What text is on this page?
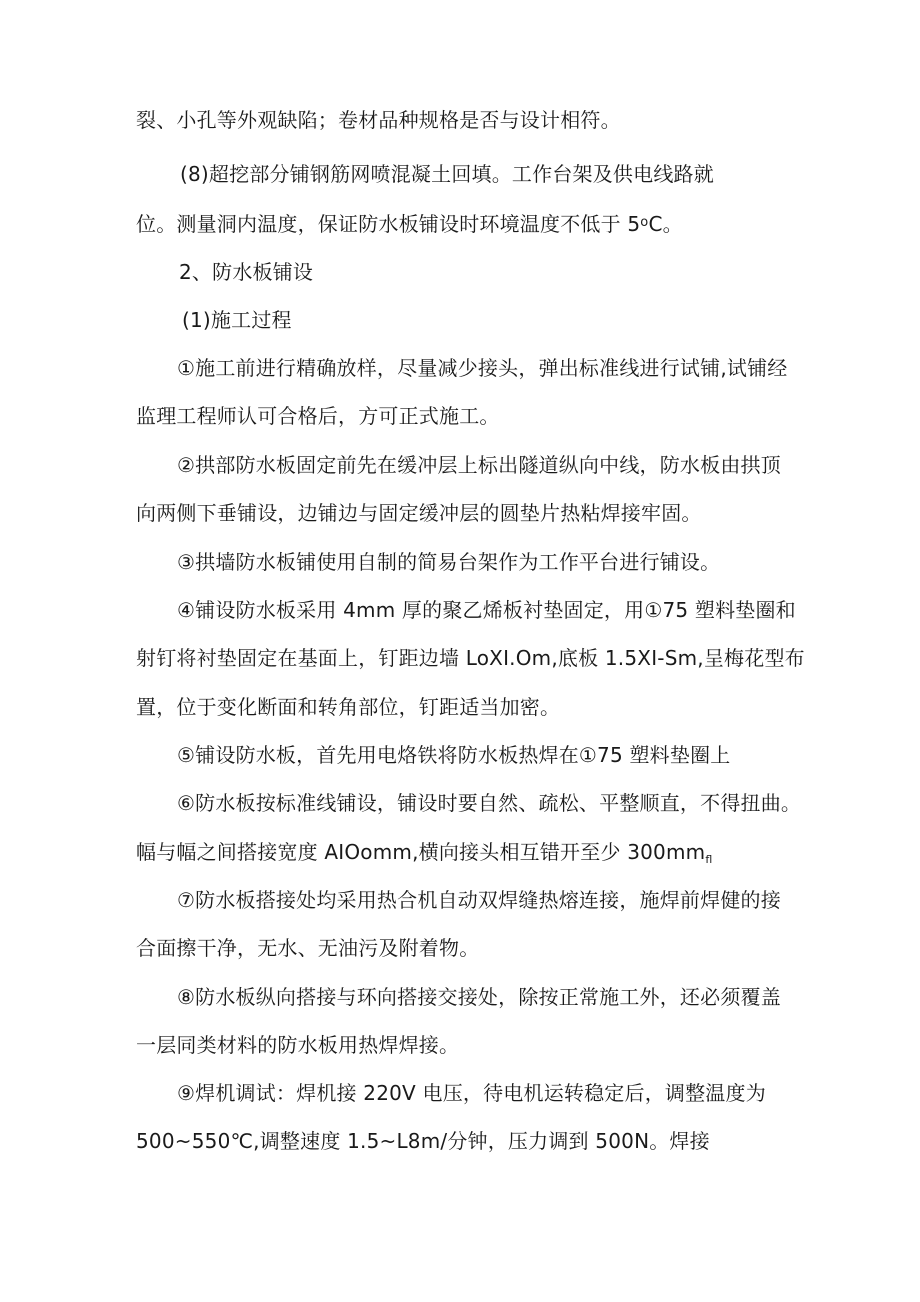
裂、小孔等外观缺陷；卷材品种规格是否与设计相符。
(8)超挖部分铺钢筋网喷混凝土回填。工作台架及供电线路就
位。测量洞内温度，保证防水板铺设时环境温度不低于 5$^o$C。
2、防水板铺设
(1)施工过程
①施工前进行精确放样，尽量减少接头，弹出标准线进行试铺,试铺经
监理工程师认可合格后，方可正式施工。
②拱部防水板固定前先在缓冲层上标出隧道纵向中线，防水板由拱顶
向两侧下垂铺设，边铺边与固定缓冲层的圆垫片热粘焊接牢固。
③拱墙防水板铺使用自制的简易台架作为工作平台进行铺设。
④铺设防水板采用 4mm 厚的聚乙烯板衬垫固定，用①75 塑料垫圈和
射钉将衬垫固定在基面上，钉距边墙 LoXI.Om,底板 1.5XI-Sm,呈梅花型布
置，位于变化断面和转角部位，钉距适当加密。
⑤铺设防水板，首先用电烙铁将防水板热焊在①75 塑料垫圈上
⑥防水板按标准线铺设，铺设时要自然、疏松、平整顺直，不得扭曲。
幅与幅之间搭接宽度 AIOomm,横向接头相互错开至少 $300mm_{fl}$
⑦防水板搭接处均采用热合机自动双焊缝热熔连接，施焊前焊健的接
合面擦干净，无水、无油污及附着物。
⑧防水板纵向搭接与环向搭接交接处，除按正常施工外，还必须覆盖
一层同类材料的防水板用热焊焊接。
⑨焊机调试：焊机接 220V 电压，待电机运转稳定后，调整温度为
500~550℃,调整速度 1.5~L8m/分钟，压力调到 500N。焊接
